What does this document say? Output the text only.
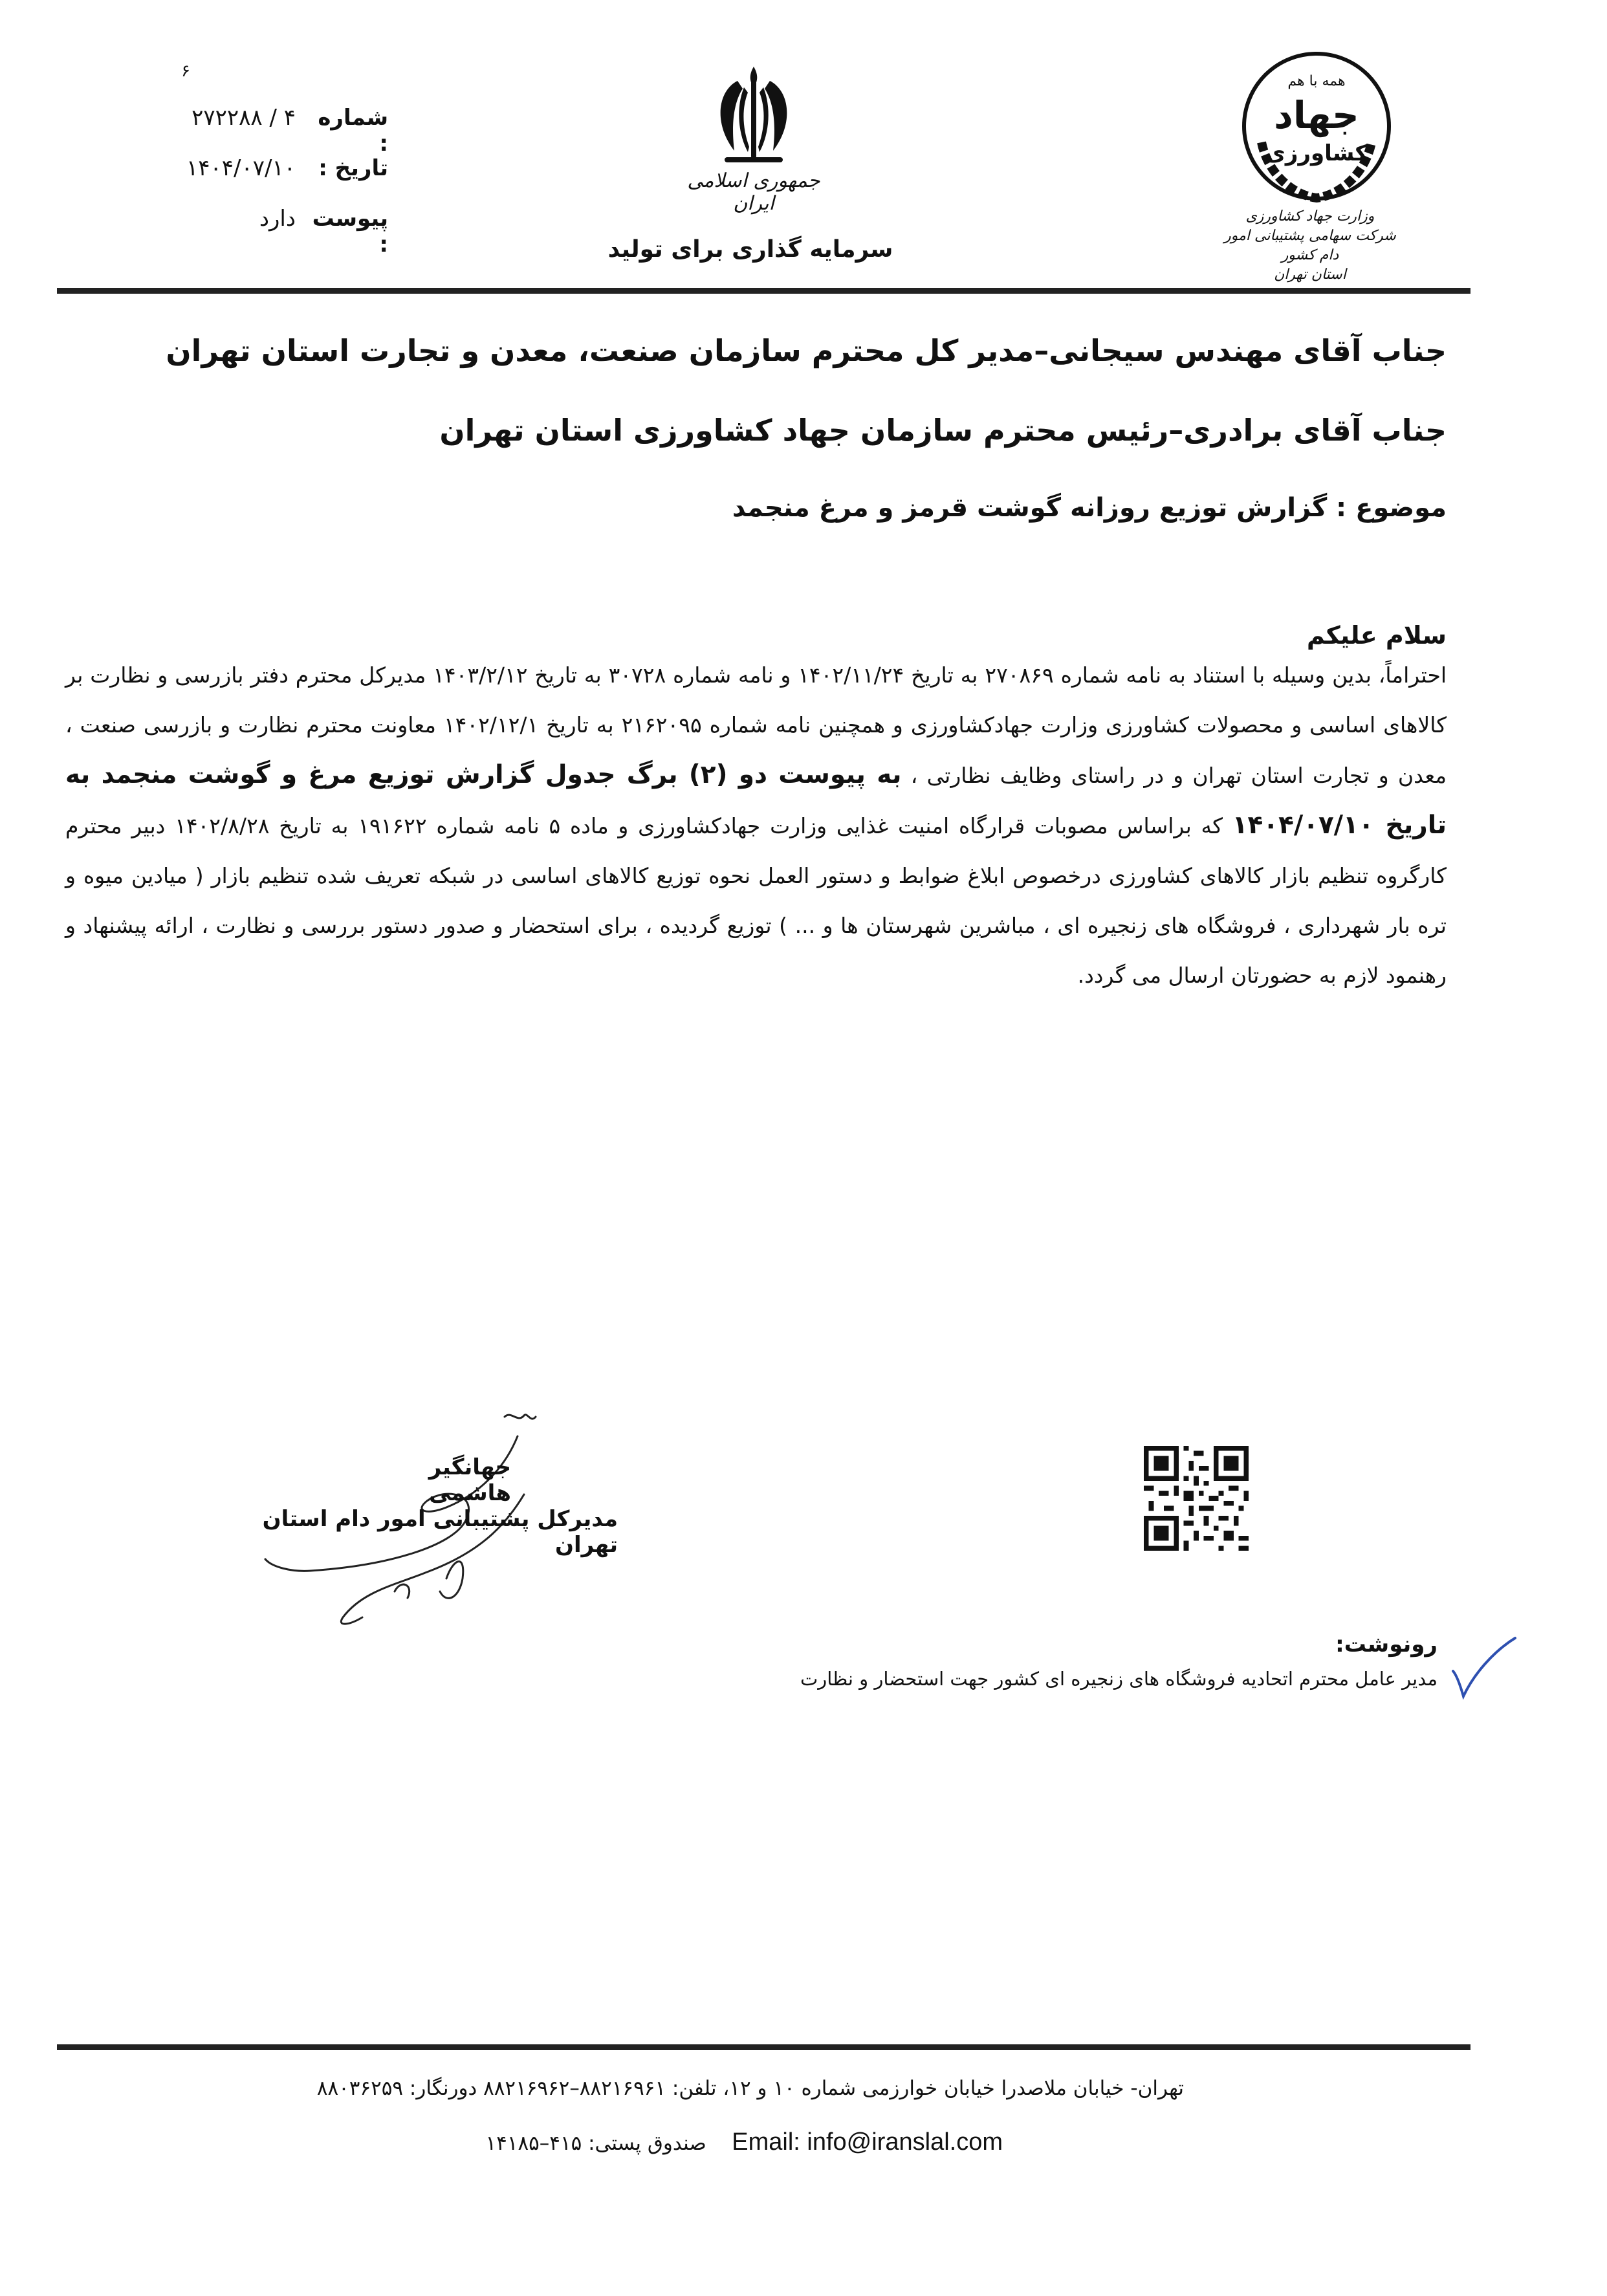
۶
شماره :
۴ / ۲۷۲۲۸۸
تاریخ :
۱۴۰۴/۰۷/۱۰
پیوست :
دارد
جمهوری اسلامی ایران
سرمایه گذاری برای تولید
همه با هم
جهاد
کشاورزی
وزارت جهاد کشاورزی
شرکت سهامی پشتیبانی امور دام کشور
استان تهران
جناب آقای مهندس سیجانی–مدیر کل محترم سازمان صنعت، معدن و تجارت استان تهران
جناب آقای برادری–رئیس محترم سازمان جهاد کشاورزی استان تهران
موضوع : گزارش توزیع روزانه گوشت قرمز و مرغ منجمد
سلام علیکم
احتراماً، بدین وسیله با استناد به نامه شماره ۲۷۰۸۶۹ به تاریخ ۱۴۰۲/۱۱/۲۴ و نامه شماره ۳۰۷۲۸ به تاریخ ۱۴۰۳/۲/۱۲ مدیرکل محترم دفتر بازرسی و نظارت بر کالاهای اساسی و محصولات کشاورزی وزارت جهادکشاورزی و همچنین نامه شماره ۲۱۶۲۰۹۵ به تاریخ ۱۴۰۲/۱۲/۱ معاونت محترم نظارت و بازرسی صنعت ، معدن و تجارت استان تهران و در راستای وظایف نظارتی ، به پیوست دو (۲) برگ جدول گزارش توزیع مرغ و گوشت منجمد به تاریخ ۱۴۰۴/۰۷/۱۰ که براساس مصوبات قرارگاه امنیت غذایی وزارت جهادکشاورزی و ماده ۵ نامه شماره ۱۹۱۶۲۲ به تاریخ ۱۴۰۲/۸/۲۸ دبیر محترم کارگروه تنظیم بازار کالاهای کشاورزی درخصوص ابلاغ ضوابط و دستور العمل نحوه توزیع کالاهای اساسی در شبکه تعریف شده تنظیم بازار ( میادین میوه و تره بار شهرداری ، فروشگاه های زنجیره ای ، مباشرین شهرستان ها و ... ) توزیع گردیده ، برای استحضار و صدور دستور بررسی و نظارت ، ارائه پیشنهاد و رهنمود لازم به حضورتان ارسال می گردد.
جهانگیر هاشمی
مدیرکل پشتیبانی امور دام استان تهران
رونوشت:
مدیر عامل محترم اتحادیه فروشگاه های زنجیره ای کشور جهت استحضار و نظارت
تهران- خیابان ملاصدرا خیابان خوارزمی شماره ۱۰ و ۱۲، تلفن: ۸۸۲۱۶۹۶۱–۸۸۲۱۶۹۶۲ دورنگار: ۸۸۰۳۶۲۵۹
Email: info@iranslal.com    صندوق پستی: ۴۱۵–۱۴۱۸۵
